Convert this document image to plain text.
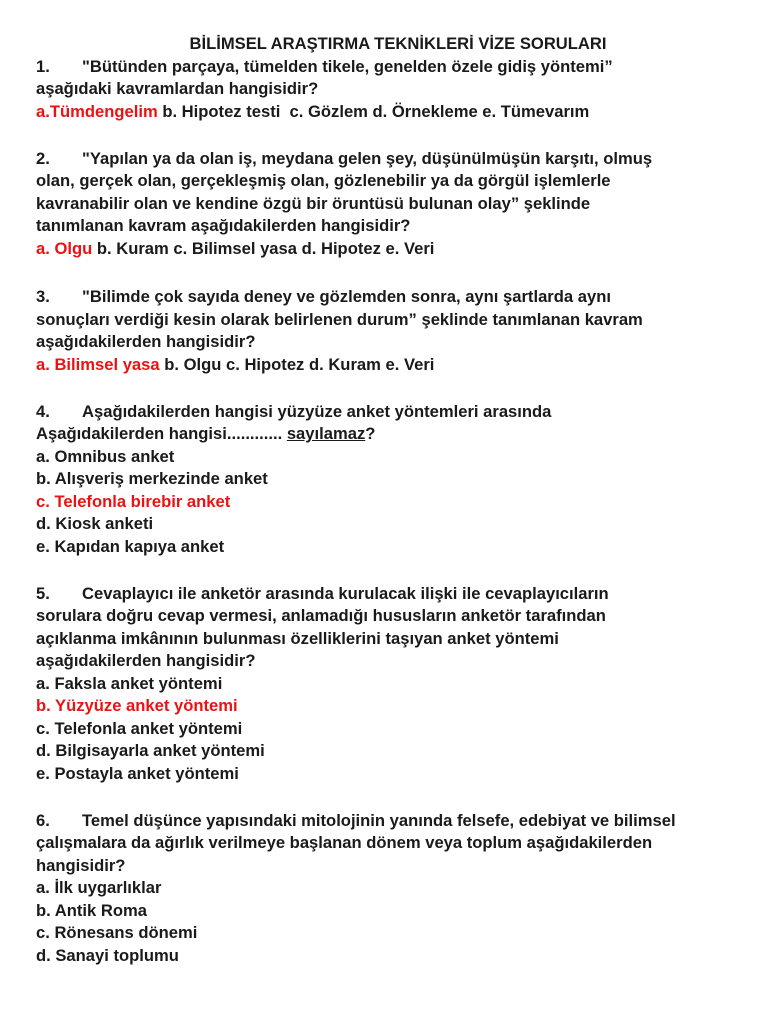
BİLİMSEL ARAŞTIRMA TEKNİKLERİ VİZE SORULARI
1.	"Bütünden parçaya, tümelden tikele, genelden özele gidiş yöntemi”
aşağıdaki kavramlardan hangisidir?
a.Tümdengelim b. Hipotez testi  c. Gözlem d. Örnekleme e. Tümevarım
2.	"Yapılan ya da olan iş, meydana gelen şey, düşünülmüşün karşıtı, olmuş
olan, gerçek olan, gerçekleşmiş olan, gözlenebilir ya da görgül işlemlerle
kavranabilir olan ve kendine özgü bir öruntüsü bulunan olay” şeklinde
tanımlanan kavram aşağıdakilerden hangisidir?
a. Olgu b. Kuram c. Bilimsel yasa d. Hipotez e. Veri
3.	"Bilimde çok sayıda deney ve gözlemden sonra, aynı şartlarda aynı
sonuçları verdiği kesin olarak belirlenen durum” şeklinde tanımlanan kavram
aşağıdakilerden hangisidir?
a. Bilimsel yasa b. Olgu c. Hipotez d. Kuram e. Veri
4.	Aşağıdakilerden hangisi yüzyüze anket yöntemleri arasında
Aşağıdakilerden hangisi............ sayılamaz?
a. Omnibus anket
b. Alışveriş merkezinde anket
c. Telefonla birebir anket
d. Kiosk anketi
e. Kapıdan kapıya anket
5.	Cevaplayıcı ile anketör arasında kurulacak ilişki ile cevaplayıcıların
sorulara doğru cevap vermesi, anlamadığı hususların anketör tarafından
açıklanma imkânının bulunması özelliklerini taşıyan anket yöntemi
aşağıdakilerden hangisidir?
a. Faksla anket yöntemi
b. Yüzyüze anket yöntemi
c. Telefonla anket yöntemi
d. Bilgisayarla anket yöntemi
e. Postayla anket yöntemi
6.	Temel düşünce yapısındaki mitolojinin yanında felsefe, edebiyat ve bilimsel
çalışmalara da ağırlık verilmeye başlanan dönem veya toplum aşağıdakilerden
hangisidir?
a. İlk uygarlıklar
b. Antik Roma
c. Rönesans dönemi
d. Sanayi toplumu
